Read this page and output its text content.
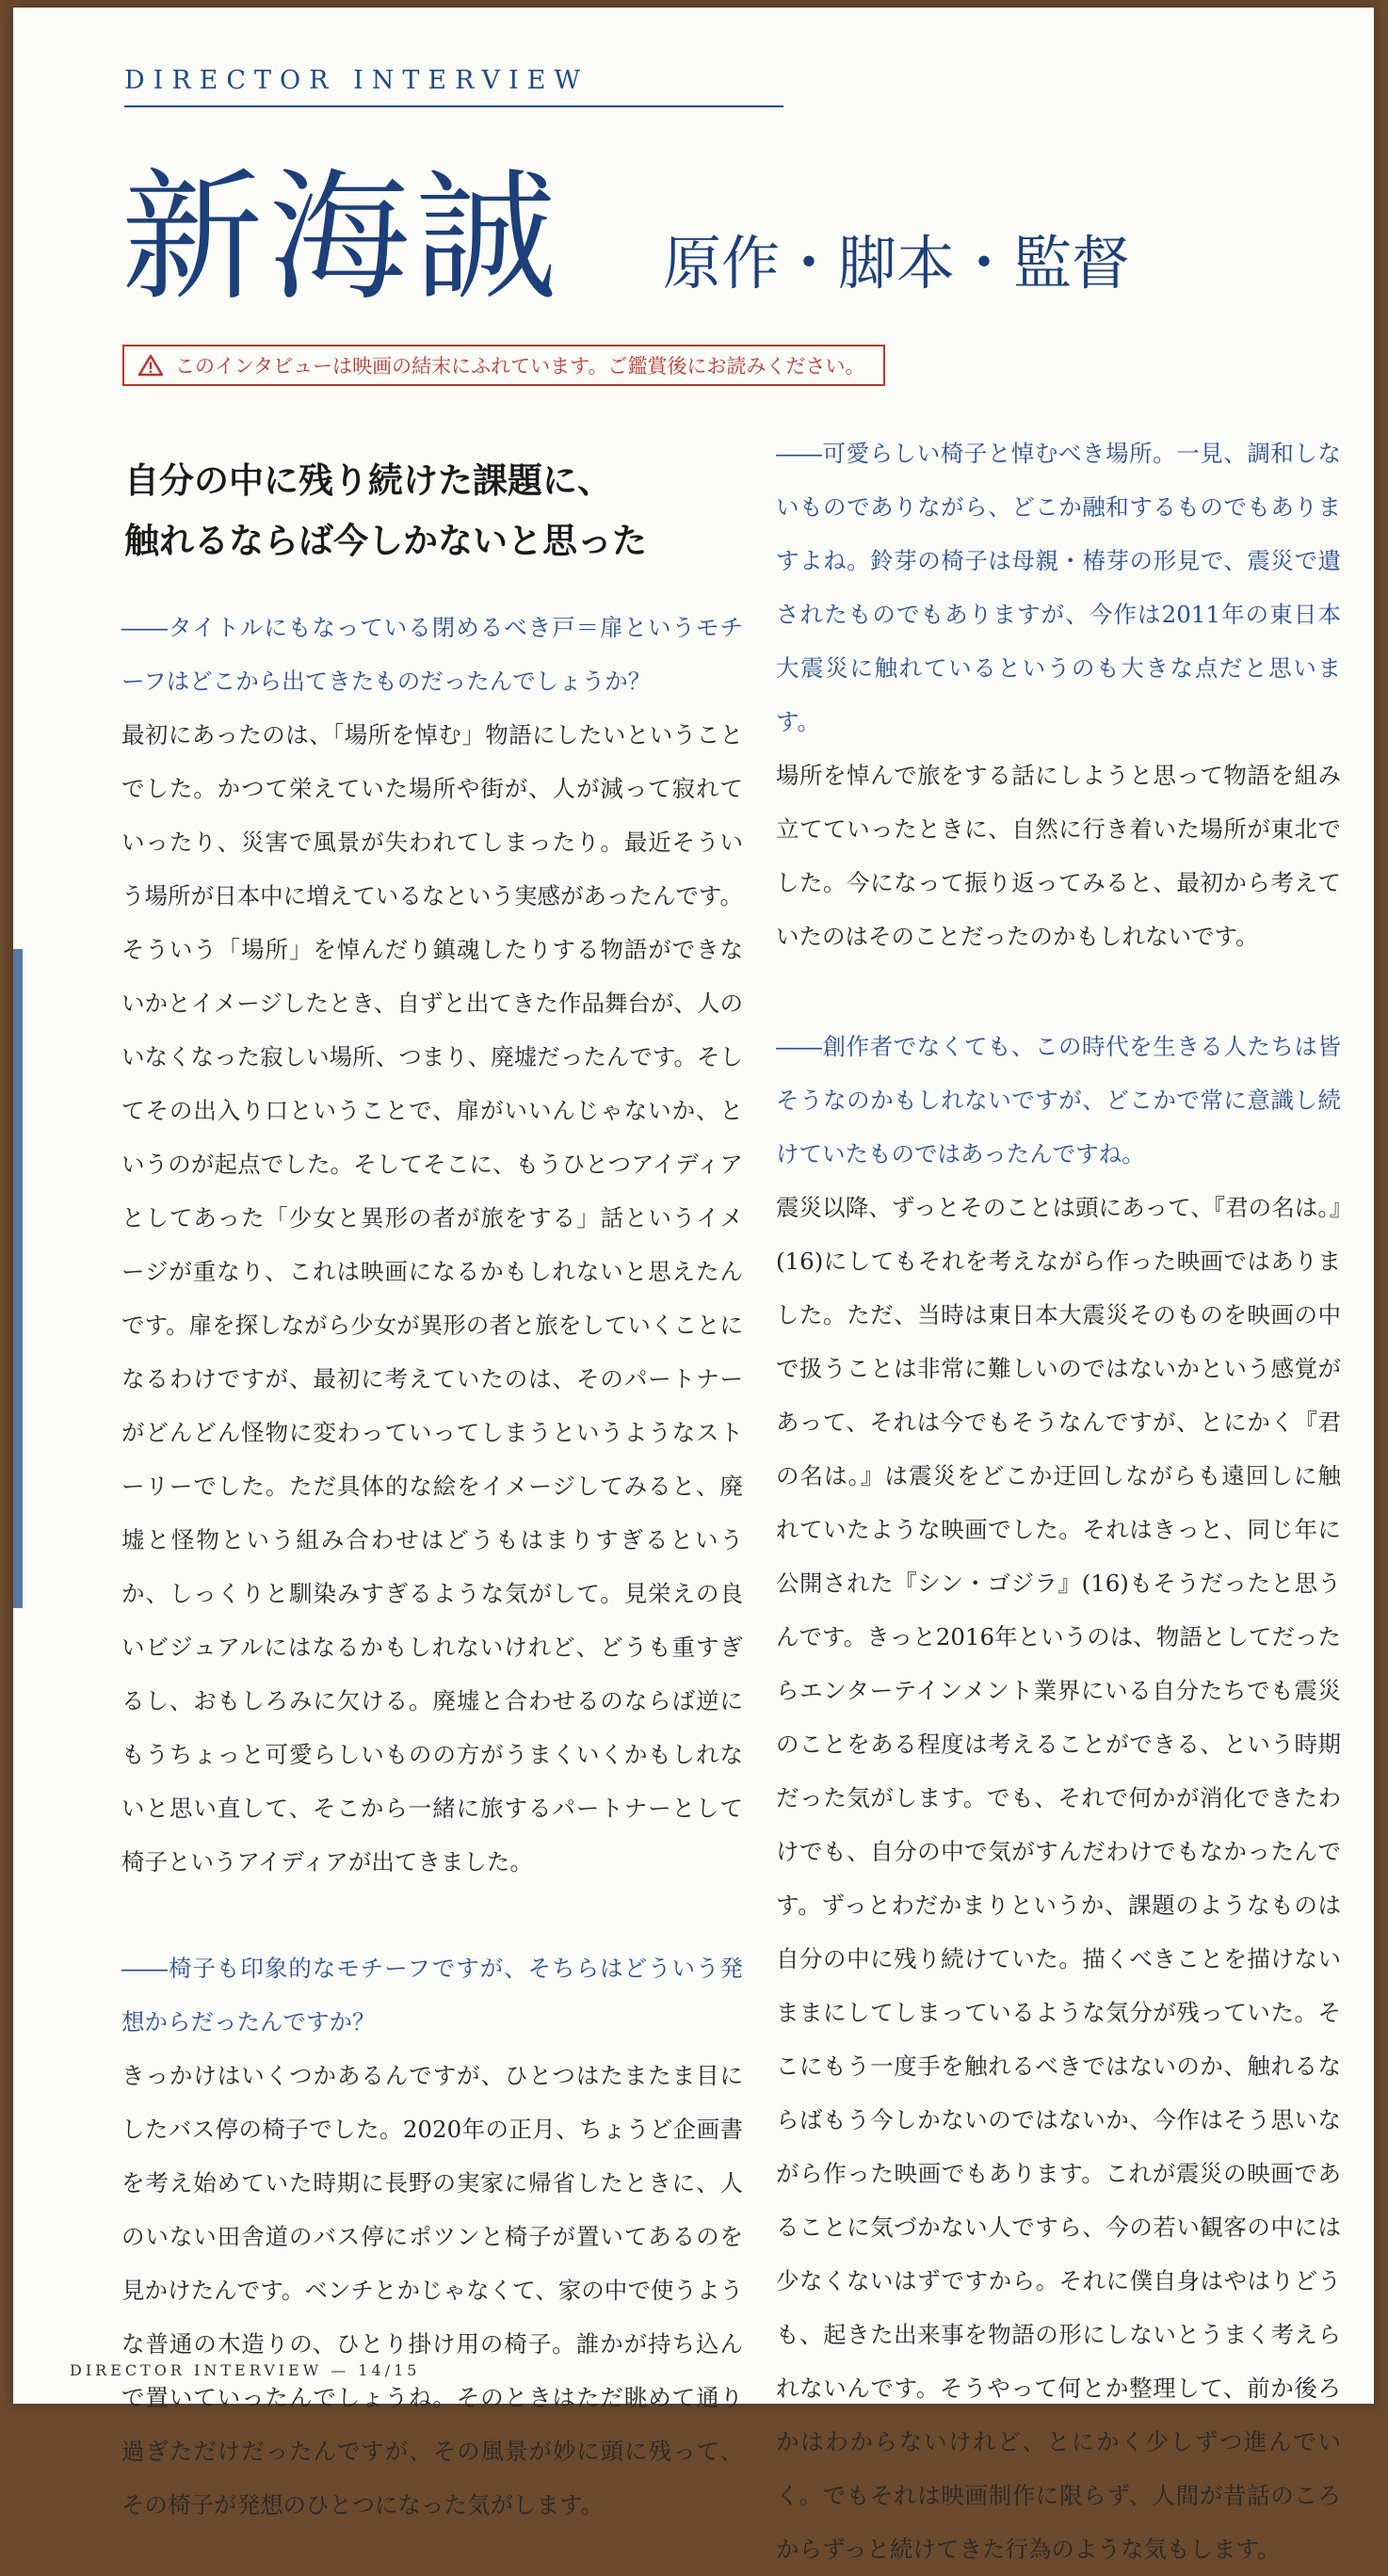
DIRECTOR INTERVIEW
新海誠 原作・脚本・監督
このインタビューは映画の結末にふれています。ご鑑賞後にお読みください。
自分の中に残り続けた課題に、
触れるならば今しかないと思った

――タイトルにもなっている閉めるべき戸＝扉というモチーフはどこから出てきたものだったんでしょうか？

最初にあったのは、「場所を悼む」物語にしたいということでした。かつて栄えていた場所や街が、人が減って寂れていったり、災害で風景が失われてしまったり。最近そういう場所が日本中に増えているなという実感があったんです。そういう「場所」を悼んだり鎮魂したりする物語ができないかとイメージしたとき、自ずと出てきた作品舞台が、人のいなくなった寂しい場所、つまり、廃墟だったんです。そしてその出入り口ということで、扉がいいんじゃないか、というのが起点でした。そしてそこに、もうひとつアイディアとしてあった「少女と異形の者が旅をする」話というイメージが重なり、これは映画になるかもしれないと思えたんです。扉を探しながら少女が異形の者と旅をしていくことになるわけですが、最初に考えていたのは、そのパートナーがどんどん怪物に変わっていってしまうというようなストーリーでした。ただ具体的な絵をイメージしてみると、廃墟と怪物という組み合わせはどうもはまりすぎるというか、しっくりと馴染みすぎるような気がして。見栄えの良いビジュアルにはなるかもしれないけれど、どうも重すぎるし、おもしろみに欠ける。廃墟と合わせるのならば逆にもうちょっと可愛らしいものの方がうまくいくかもしれないと思い直して、そこから一緒に旅するパートナーとして椅子というアイディアが出てきました。

――椅子も印象的なモチーフですが、そちらはどういう発想からだったんですか？

きっかけはいくつかあるんですが、ひとつはたまたま目にしたバス停の椅子でした。2020年の正月、ちょうど企画書を考え始めていた時期に長野の実家に帰省したときに、人のいない田舎道のバス停にポツンと椅子が置いてあるのを見かけたんです。ベンチとかじゃなくて、家の中で使うような普通の木造りの、ひとり掛け用の椅子。誰かが持ち込んで置いていったんでしょうね。そのときはただ眺めて通り過ぎただけだったんですが、その風景が妙に頭に残って、その椅子が発想のひとつになった気がします。

――可愛らしい椅子と悼むべき場所。一見、調和しないものでありながら、どこか融和するものでもありますよね。鈴芽の椅子は母親・椿芽の形見で、震災で遺されたものでもありますが、今作は2011年の東日本大震災に触れているというのも大きな点だと思います。

場所を悼んで旅をする話にしようと思って物語を組み立てていったときに、自然に行き着いた場所が東北でした。今になって振り返ってみると、最初から考えていたのはそのことだったのかもしれないです。

――創作者でなくても、この時代を生きる人たちは皆そうなのかもしれないですが、どこかで常に意識し続けていたものではあったんですね。

震災以降、ずっとそのことは頭にあって、『君の名は。』(16)にしてもそれを考えながら作った映画ではありました。ただ、当時は東日本大震災そのものを映画の中で扱うことは非常に難しいのではないかという感覚があって、それは今でもそうなんですが、とにかく『君の名は。』は震災をどこか迂回しながらも遠回しに触れていたような映画でした。それはきっと、同じ年に公開された『シン・ゴジラ』(16)もそうだったと思うんです。きっと2016年というのは、物語としてだったらエンターテインメント業界にいる自分たちでも震災のことをある程度は考えることができる、という時期だった気がします。でも、それで何かが消化できたわけでも、自分の中で気がすんだわけでもなかったんです。ずっとわだかまりというか、課題のようなものは自分の中に残り続けていた。描くべきことを描けないままにしてしまっているような気分が残っていた。そこにもう一度手を触れるべきではないのか、触れるならばもう今しかないのではないか、今作はそう思いながら作った映画でもあります。これが震災の映画であることに気づかない人ですら、今の若い観客の中には少なくないはずですから。それに僕自身はやはりどうも、起きた出来事を物語の形にしないとうまく考えられないんです。そうやって何とか整理して、前か後ろかはわからないけれど、とにかく少しずつ進んでいく。でもそれは映画制作に限らず、人間が昔話のころからずっと続けてきた行為のような気もします。

DIRECTOR INTERVIEW — 14/15
